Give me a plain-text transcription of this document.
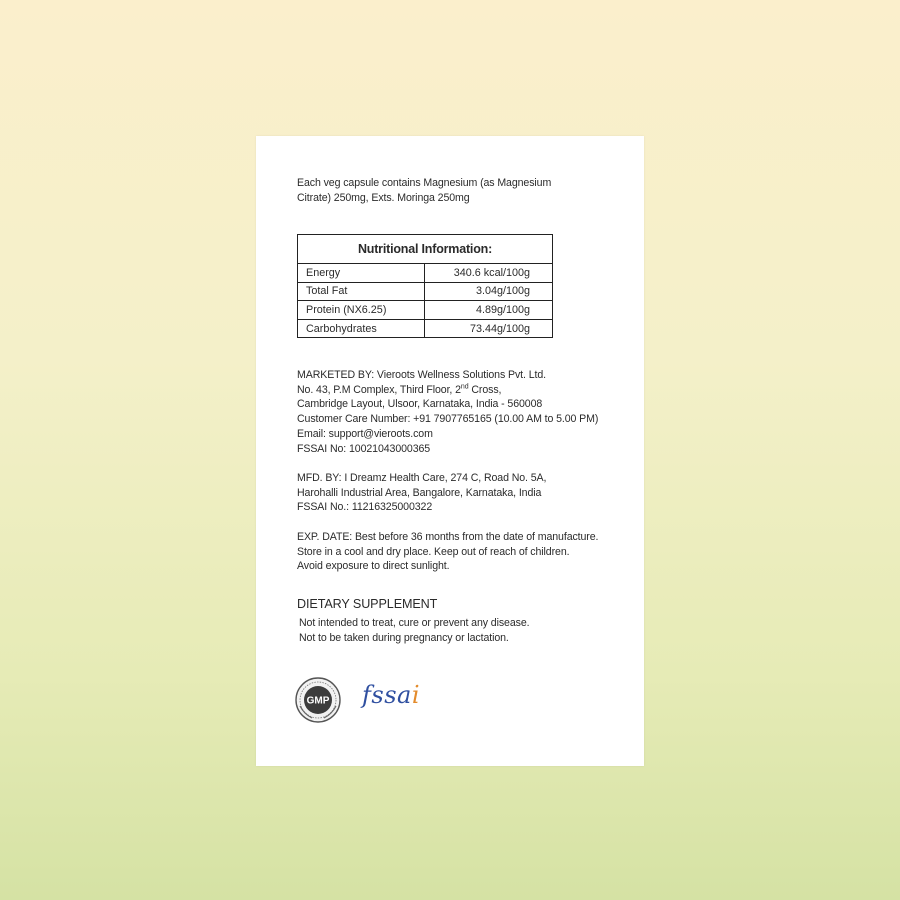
Each veg capsule contains Magnesium (as Magnesium
Citrate) 250mg, Exts. Moringa 250mg
Nutritional Information:	
Energy	340.6 kcal/100g
Total Fat	3.04g/100g
Protein (NX6.25)	4.89g/100g
Carbohydrates	73.44g/100g
MARKETED BY: Vieroots Wellness Solutions Pvt. Ltd.
No. 43, P.M Complex, Third Floor, 2nd Cross,
Cambridge Layout, Ulsoor, Karnataka, India - 560008
Customer Care Number: +91 7907765165 (10.00 AM to 5.00 PM)
Email: support@vieroots.com
FSSAI No: 10021043000365
MFD. BY: I Dreamz Health Care, 274 C, Road No. 5A,
Harohalli Industrial Area, Bangalore, Karnataka, India
FSSAI No.: 11216325000322
EXP. DATE: Best before 36 months from the date of manufacture.
Store in a cool and dry place. Keep out of reach of children.
Avoid exposure to direct sunlight.
DIETARY SUPPLEMENT
Not intended to treat, cure or prevent any disease.
Not to be taken during pregnancy or lactation.
GMP fssai
